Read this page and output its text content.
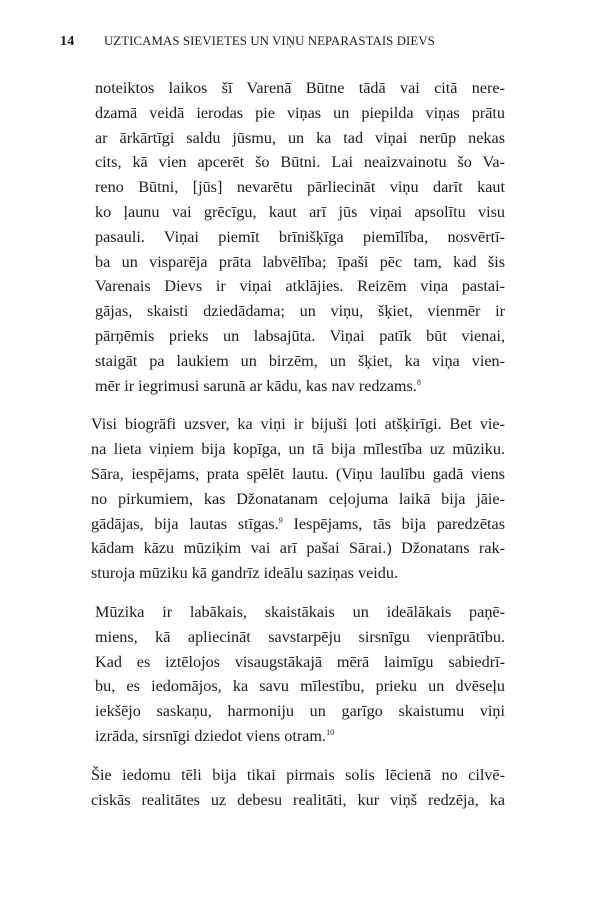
14	UZTICAMAS SIEVIETES UN VIŅU NEPARASTAIS DIEVS
noteiktos laikos šī Varenā Būtne tādā vai citā nere-
dzamā veidā ierodas pie viņas un piepilda viņas prātu
ar ārkārtīgi saldu jūsmu, un ka tad viņai nerūp nekas
cits, kā vien apcerēt šo Būtni. Lai neaizvainotu šo Va-
reno Būtni, [jūs] nevarētu pārliecināt viņu darīt kaut
ko ļaunu vai grēcīgu, kaut arī jūs viņai apsolītu visu
pasauli. Viņai piemīt brīnišķīga piemīlība, nosvērtī-
ba un visparēja prāta labvēlība; īpaši pēc tam, kad šis
Varenais Dievs ir viņai atklājies. Reizēm viņa pastai-
gājas, skaisti dziedādama; un viņu, šķiet, vienmēr ir
pārņēmis prieks un labsajūta. Viņai patīk būt vienai,
staigāt pa laukiem un birzēm, un šķiet, ka viņa vien-
mēr ir iegrimusi sarunā ar kādu, kas nav redzams.$^8$
Visi biogrāfi uzsver, ka viņi ir bijuši ļoti atšķirīgi. Bet vie-
na lieta viņiem bija kopīga, un tā bija mīlestība uz mūziku.
Sāra, iespējams, prata spēlēt lautu. (Viņu laulību gadā viens
no pirkumiem, kas Džonatanam ceļojuma laikā bija jāie-
gādājas, bija lautas stīgas.$^9$ Iespējams, tās bija paredzētas
kādam kāzu mūziķim vai arī pašai Sārai.) Džonatans rak-
sturoja mūziku kā gandrīz ideālu saziņas veidu.
Mūzika ir labākais, skaistākais un ideālākais paņē-
miens, kā apliecināt savstarpēju sirsnīgu vienprātību.
Kad es iztēlojos visaugstākajā mērā laimīgu sabiedrī-
bu, es iedomājos, ka savu mīlestību, prieku un dvēseļu
iekšējo saskaņu, harmoniju un garīgo skaistumu viņi
izrāda, sirsnīgi dziedot viens otram.$^{10}$
Šie iedomu tēli bija tikai pirmais solis lēcienā no cilvē-
ciskās realitātes uz debesu realitāti, kur viņš redzēja, ka
